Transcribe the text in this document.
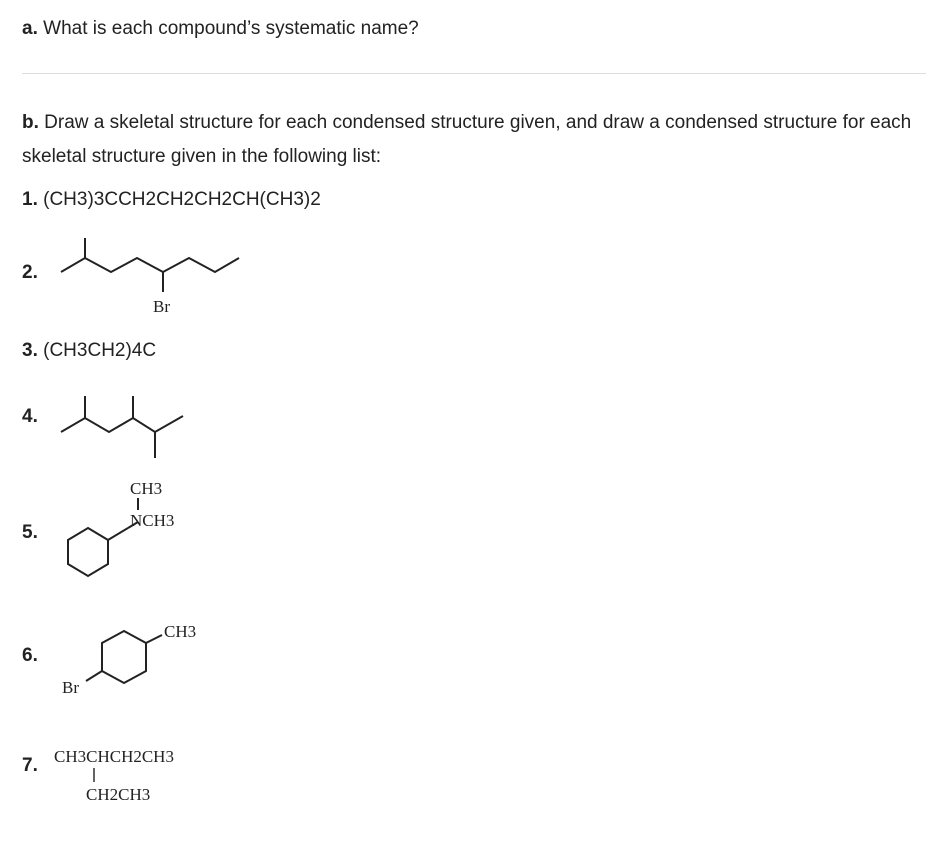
a. What is each compound’s systematic name?
b. Draw a skeletal structure for each condensed structure given, and draw a condensed structure for each skeletal structure given in the following list:
1. (CH3)3CCH2CH2CH2CH(CH3)2
2.
Br
3. (CH3CH2)4C
4.
5.
CH3
NCH3
6.
CH3
Br
7. CH3CHCH2CH3
CH2CH3
